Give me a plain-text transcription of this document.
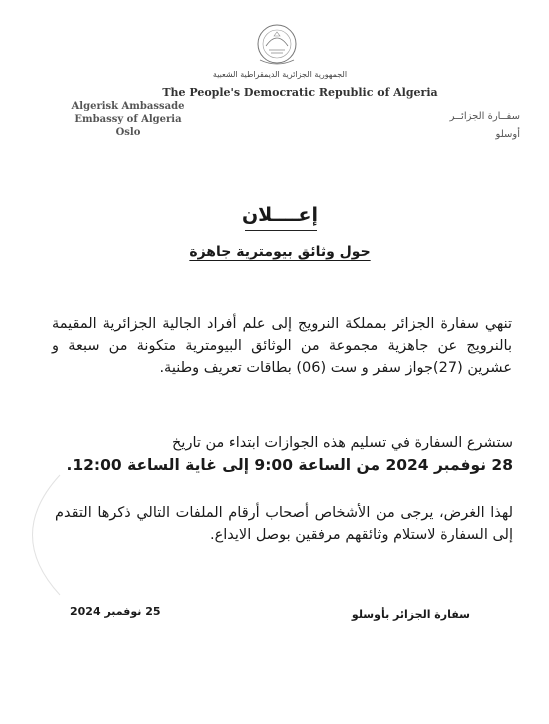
الجمهورية الجزائرية الديمقراطية الشعبية
The People's Democratic Republic of Algeria
Algerisk Ambassade
Embassy of Algeria
Oslo
سفــارة الجزائــر
أوسلو
إعــــلان
حول وثائق بيومترية جاهزة
تنهي سفارة الجزائر بمملكة النرويج إلى علم أفراد الجالية الجزائرية المقيمة بالنرويج عن جاهزية مجموعة من الوثائق البيومترية متكونة من سبعة و عشرين (27)جواز سفر و ست (06) بطاقات تعريف وطنية.
ستشرع السفارة في تسليم هذه الجوازات ابتداء من تاريخ
28 نوفمبر 2024 من الساعة 9:00 إلى غاية الساعة 12:00.
لهذا الغرض، يرجى من الأشخاص أصحاب أرقام الملفات التالي ذكرها التقدم إلى السفارة لاستلام وثائقهم مرفقين بوصل الايداع.
25 نوفمبر 2024	سفارة الجزائر بأوسلو
